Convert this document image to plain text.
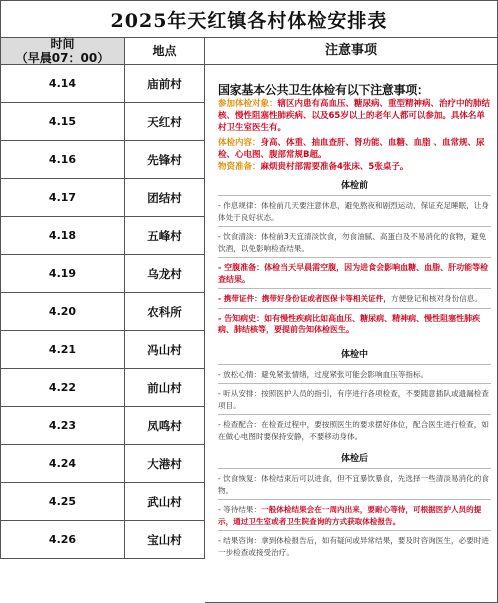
2025年天红镇各村体检安排表
时间
（早晨07：00）	地点	注意事项
4.14	庙前村
4.15	天红村
4.16	先锋村
4.17	团结村
4.18	五峰村
4.19	乌龙村
4.20	农科所
4.21	冯山村
4.22	前山村
4.23	凤鸣村
4.24	大港村
4.25	武山村
4.26	宝山村
国家基本公共卫生体检有以下注意事项：

参加体检对象：辖区内患有高血压、糖尿病、重型精神病、治疗中的肺结核、慢性阻塞性肺疾病、以及65岁以上的老年人都可以参加。具体名单村卫生室医生有。

体检内容：身高、体重、抽血查肝、肾功能、血糖、血脂 、血常规、尿检、心电图、腹部常规B超。

物资准备：麻烦贵村部需要准备4张床、5张桌子。

体检前

- 作息规律：体检前几天要注意休息，避免熬夜和剧烈运动，保证充足睡眠，让身体处于良好状态。

- 饮食清淡：体检前3天宜清淡饮食，勿食油腻、高蛋白及不易消化的食物，避免饮酒，以免影响检查结果。

- 空腹准备：体检当天早晨需空腹，因为进食会影响血糖、血脂、肝功能等检查结果。

- 携带证件：携带好身份证或者医保卡等相关证件，方便登记和核对身份信息。

- 告知病史：如有慢性疾病比如高血压、糖尿病、精神病、慢性阻塞性肺疾病、肺结核等，要提前告知体检医生。

体检中

- 放松心情：避免紧张情绪，过度紧张可能会影响血压等指标。

- 听从安排：按照医护人员的指引，有序进行各项检查，不要随意插队或遗漏检查项目。

- 检查配合：在检查过程中，要按照医生的要求摆好体位，配合医生进行检查，如在做心电图时要保持安静，不要移动身体。

体检后

- 饮食恢复：体检结束后可以进食，但不宜暴饮暴食，先选择一些清淡易消化的食物。

- 等待结果：一般体检结果会在一周内出来，要耐心等待，可根据医护人员的提示，通过卫生室或者卫生院查询的方式获取体检报告。

- 结果咨询：拿到体检报告后，如有疑问或异常结果，要及时咨询医生，必要时进一步检查或接受治疗。
